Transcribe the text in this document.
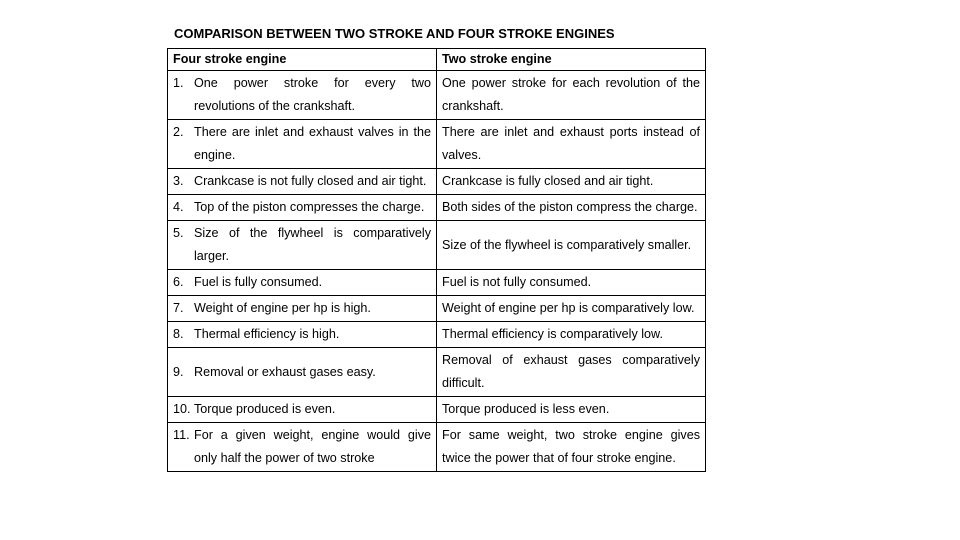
COMPARISON BETWEEN TWO STROKE AND FOUR STROKE ENGINES
Four stroke engine	Two stroke engine

1. One power stroke for every two revolutions of the crankshaft.	One power stroke for each revolution of the crankshaft.

2. There are inlet and exhaust valves in the engine.	There are inlet and exhaust ports instead of valves.

3. Crankcase is not fully closed and air tight.	Crankcase is fully closed and air tight.

4. Top of the piston compresses the charge.	Both sides of the piston compress the charge.

5. Size of the flywheel is comparatively larger.	Size of the flywheel is comparatively smaller.

6. Fuel is fully consumed.	Fuel is not fully consumed.

7. Weight of engine per hp is high.	Weight of engine per hp is comparatively low.

8. Thermal efficiency is high.	Thermal efficiency is comparatively low.

9. Removal or exhaust gases easy.	Removal of exhaust gases comparatively difficult.

10. Torque produced is even.	Torque produced is less even.

11. For a given weight, engine would give only half the power of two stroke	For same weight, two stroke engine gives twice the power that of four stroke engine.
